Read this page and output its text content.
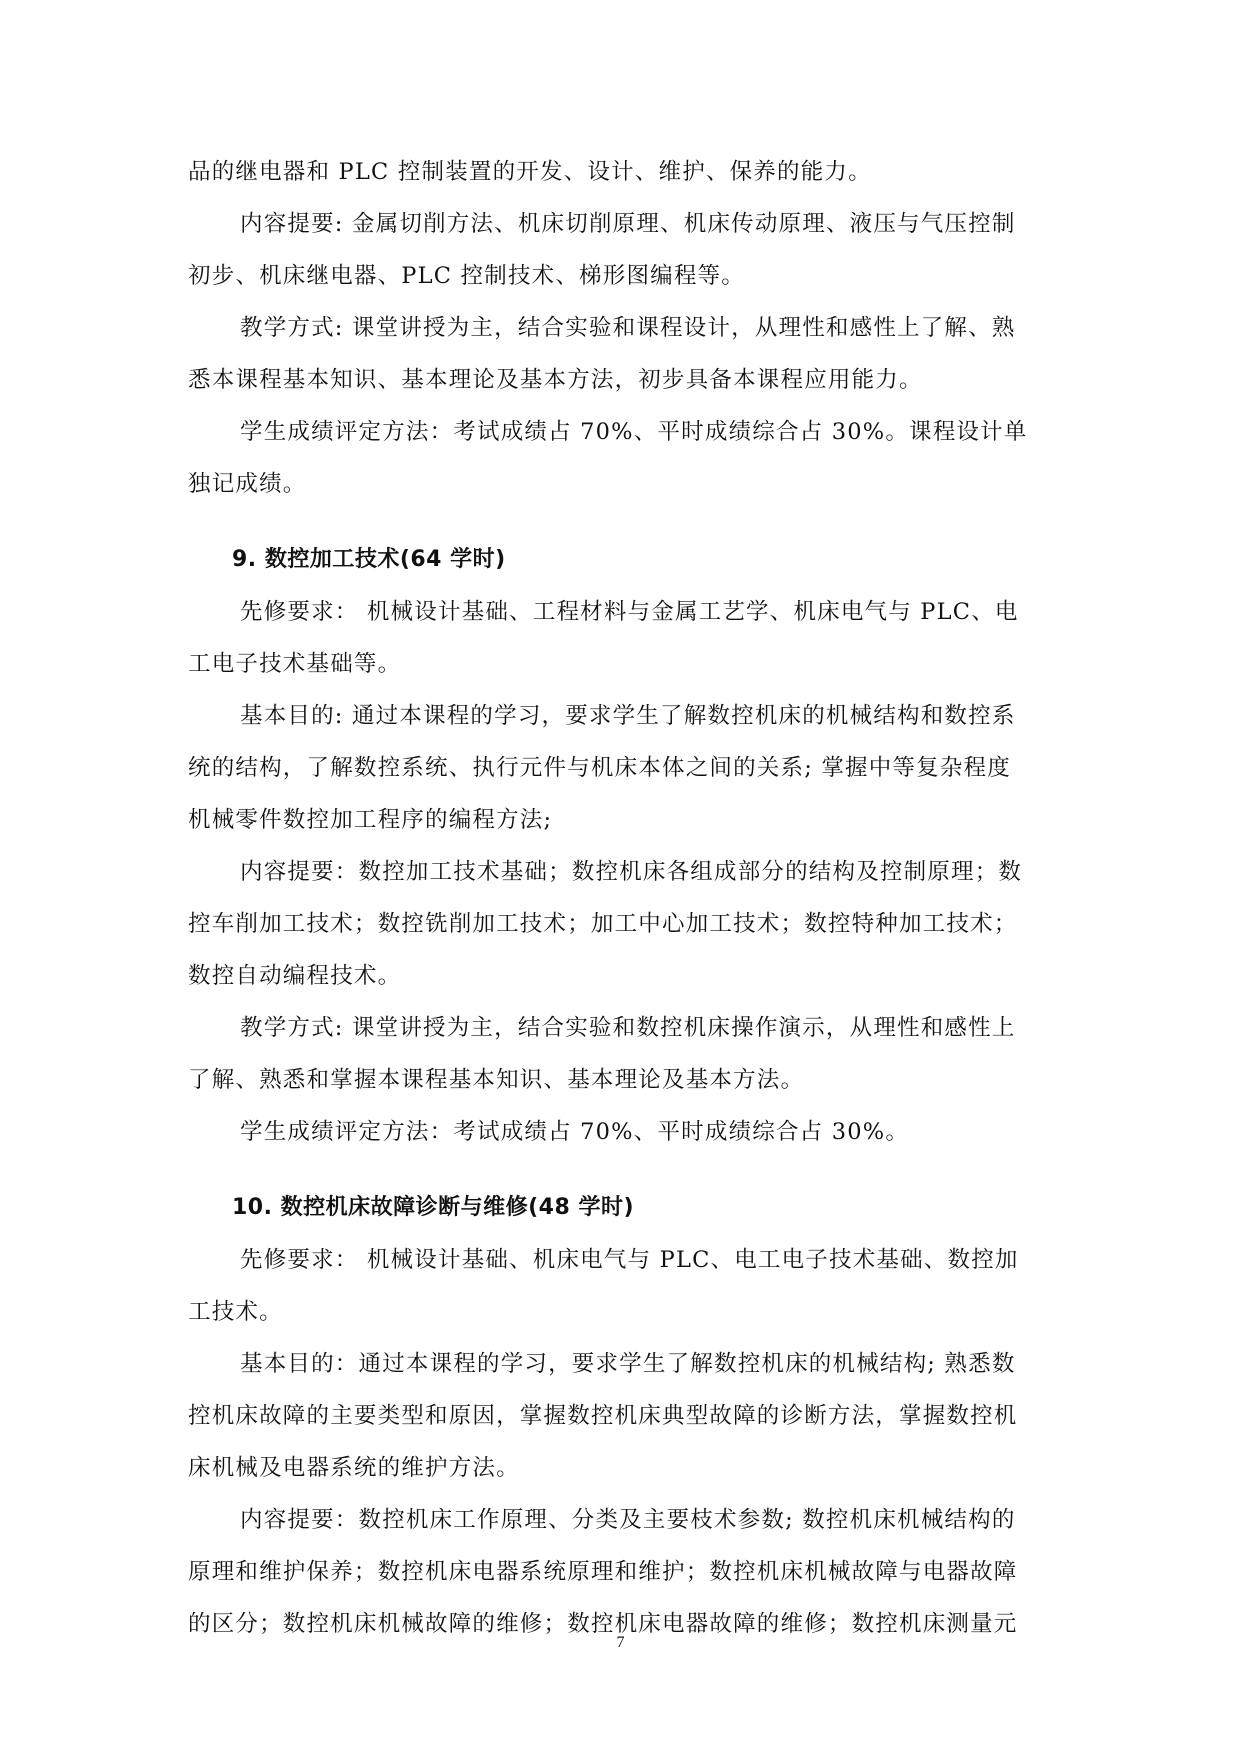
品的继电器和 PLC 控制装置的开发、设计、维护、保养的能力。
内容提要: 金属切削方法、机床切削原理、机床传动原理、液压与气压控制
初步、机床继电器、PLC 控制技术、梯形图编程等。
教学方式: 课堂讲授为主，结合实验和课程设计，从理性和感性上了解、熟
悉本课程基本知识、基本理论及基本方法，初步具备本课程应用能力。
学生成绩评定方法：考试成绩占 70%、平时成绩综合占 30%。课程设计单
独记成绩。
9. 数控加工技术(64 学时)
先修要求： 机械设计基础、工程材料与金属工艺学、机床电气与 PLC、电
工电子技术基础等。
基本目的: 通过本课程的学习，要求学生了解数控机床的机械结构和数控系
统的结构，了解数控系统、执行元件与机床本体之间的关系; 掌握中等复杂程度
机械零件数控加工程序的编程方法;
内容提要：数控加工技术基础；数控机床各组成部分的结构及控制原理；数
控车削加工技术；数控铣削加工技术；加工中心加工技术；数控特种加工技术；
数控自动编程技术。
教学方式: 课堂讲授为主，结合实验和数控机床操作演示，从理性和感性上
了解、熟悉和掌握本课程基本知识、基本理论及基本方法。
学生成绩评定方法：考试成绩占 70%、平时成绩综合占 30%。
10. 数控机床故障诊断与维修(48 学时)
先修要求： 机械设计基础、机床电气与 PLC、电工电子技术基础、数控加
工技术。
基本目的：通过本课程的学习，要求学生了解数控机床的机械结构; 熟悉数
控机床故障的主要类型和原因，掌握数控机床典型故障的诊断方法，掌握数控机
床机械及电器系统的维护方法。
内容提要：数控机床工作原理、分类及主要枝术参数; 数控机床机械结构的
原理和维护保养；数控机床电器系统原理和维护；数控机床机械故障与电器故障
的区分；数控机床机械故障的维修；数控机床电器故障的维修；数控机床测量元
7
